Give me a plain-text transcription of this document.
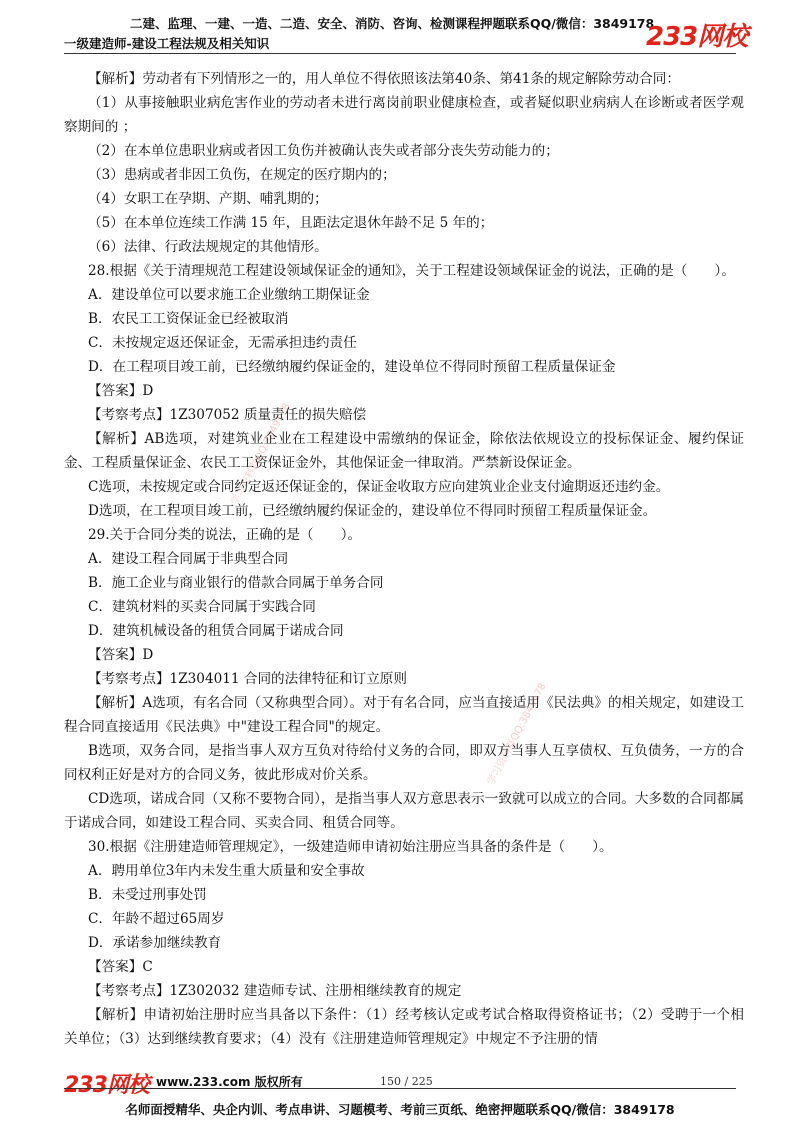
二建、监理、一建、一造、二造、安全、消防、咨询、检测课程押题联系QQ/微信：3849178
一级建造师-建设工程法规及相关知识	233网校
学习资料群QQ:3849178
学习资料群QQ:3849178

【解析】劳动者有下列情形之一的，用人单位不得依照该法第40条、第41条的规定解除劳动合同：

（1）从事接触职业病危害作业的劳动者未进行离岗前职业健康检查，或者疑似职业病病人在诊断或者医学观察期间的 ；

（2）在本单位患职业病或者因工负伤并被确认丧失或者部分丧失劳动能力的；

（3）患病或者非因工负伤，在规定的医疗期内的；

（4）女职工在孕期、产期、哺乳期的；

（5）在本单位连续工作满 15 年，且距法定退休年龄不足 5 年的；

（6）法律、行政法规规定的其他情形。

28.根据《关于清理规范工程建设领域保证金的通知》，关于工程建设领域保证金的说法，正确的是（　　）。

A．建设单位可以要求施工企业缴纳工期保证金

B．农民工工资保证金已经被取消

C．未按规定返还保证金，无需承担违约责任

D．在工程项目竣工前，已经缴纳履约保证金的，建设单位不得同时预留工程质量保证金

【答案】D

【考察考点】1Z307052 质量责任的损失赔偿

【解析】AB选项，对建筑业企业在工程建设中需缴纳的保证金，除依法依规设立的投标保证金、履约保证金、工程质量保证金、农民工工资保证金外，其他保证金一律取消。严禁新设保证金。

C选项，未按规定或合同约定返还保证金的，保证金收取方应向建筑业企业支付逾期返还违约金。

D选项，在工程项目竣工前，已经缴纳履约保证金的，建设单位不得同时预留工程质量保证金。

29.关于合同分类的说法，正确的是（　　）。

A．建设工程合同属于非典型合同

B．施工企业与商业银行的借款合同属于单务合同

C．建筑材料的买卖合同属于实践合同

D．建筑机械设备的租赁合同属于诺成合同

【答案】D

【考察考点】1Z304011 合同的法律特征和订立原则

【解析】A选项，有名合同（又称典型合同）。对于有名合同，应当直接适用《民法典》的相关规定，如建设工程合同直接适用《民法典》中"建设工程合同"的规定。

B选项，双务合同，是指当事人双方互负对待给付义务的合同，即双方当事人互享债权、互负债务，一方的合同权利正好是对方的合同义务，彼此形成对价关系。

CD选项，诺成合同（又称不要物合同），是指当事人双方意思表示一致就可以成立的合同。大多数的合同都属于诺成合同，如建设工程合同、买卖合同、租赁合同等。

30.根据《注册建造师管理规定》，一级建造师申请初始注册应当具备的条件是（　　）。

A．聘用单位3年内未发生重大质量和安全事故

B．未受过刑事处罚

C．年龄不超过65周岁

D．承诺参加继续教育

【答案】C

【考察考点】1Z302032 建造师专试、注册相继续教育的规定

【解析】申请初始注册时应当具备以下条件：（1）经考核认定或考试合格取得资格证书；（2）受聘于一个相关单位；（3）达到继续教育要求；（4）没有《注册建造师管理规定》中规定不予注册的情

233网校 www.233.com 版权所有	150 / 225
名师面授精华、央企内训、考点串讲、习题模考、考前三页纸、绝密押题联系QQ/微信：3849178
